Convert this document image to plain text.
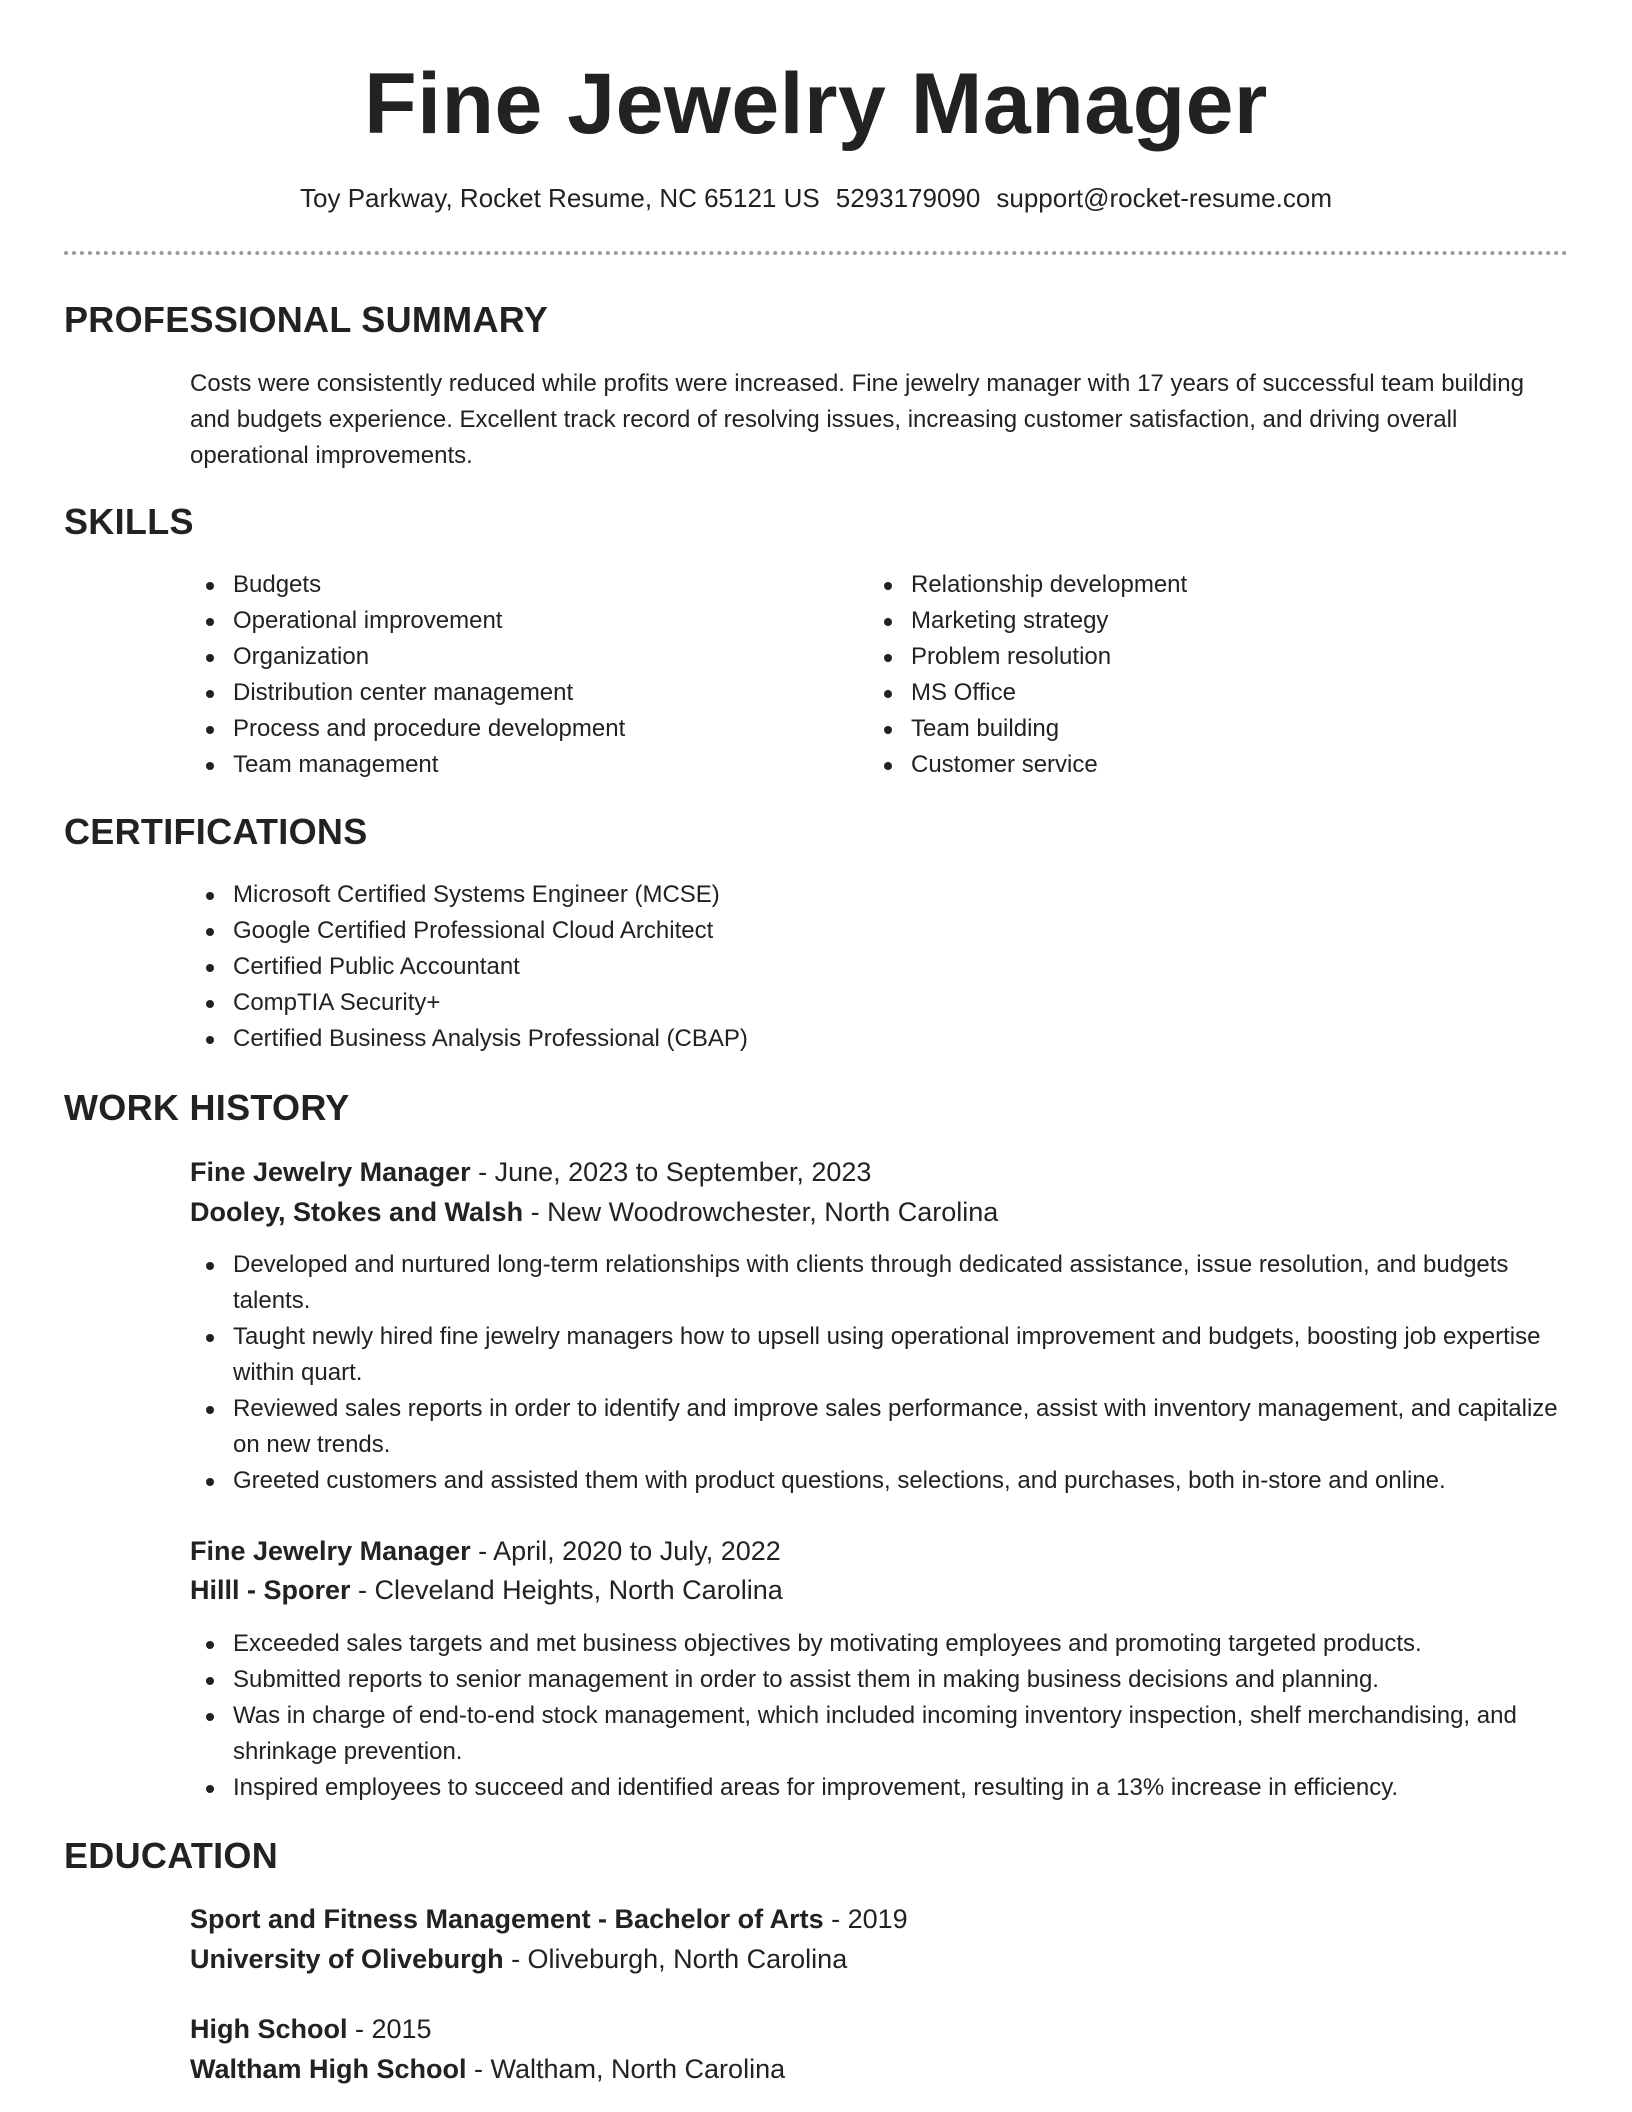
Fine Jewelry Manager
Toy Parkway, Rocket Resume, NC 65121 US 5293179090 support@rocket-resume.com
PROFESSIONAL SUMMARY

Costs were consistently reduced while profits were increased. Fine jewelry manager with 17 years of successful team building and budgets experience. Excellent track record of resolving issues, increasing customer satisfaction, and driving overall operational improvements.

SKILLS
Budgets
Operational improvement
Organization
Distribution center management
Process and procedure development
Team management
Relationship development
Marketing strategy
Problem resolution
MS Office
Team building
Customer service
CERTIFICATIONS
Microsoft Certified Systems Engineer (MCSE)
Google Certified Professional Cloud Architect
Certified Public Accountant
CompTIA Security+
Certified Business Analysis Professional (CBAP)
WORK HISTORY

Fine Jewelry Manager - June, 2023 to September, 2023

Dooley, Stokes and Walsh - New Woodrowchester, North Carolina

Developed and nurtured long-term relationships with clients through dedicated assistance, issue resolution, and budgets talents.
Taught newly hired fine jewelry managers how to upsell using operational improvement and budgets, boosting job expertise within quart.
Reviewed sales reports in order to identify and improve sales performance, assist with inventory management, and capitalize on new trends.
Greeted customers and assisted them with product questions, selections, and purchases, both in-store and online.

Fine Jewelry Manager - April, 2020 to July, 2022

Hilll - Sporer - Cleveland Heights, North Carolina

Exceeded sales targets and met business objectives by motivating employees and promoting targeted products.
Submitted reports to senior management in order to assist them in making business decisions and planning.
Was in charge of end-to-end stock management, which included incoming inventory inspection, shelf merchandising, and shrinkage prevention.
Inspired employees to succeed and identified areas for improvement, resulting in a 13% increase in efficiency.
EDUCATION

Sport and Fitness Management - Bachelor of Arts - 2019

University of Oliveburgh - Oliveburgh, North Carolina

High School - 2015

Waltham High School - Waltham, North Carolina
